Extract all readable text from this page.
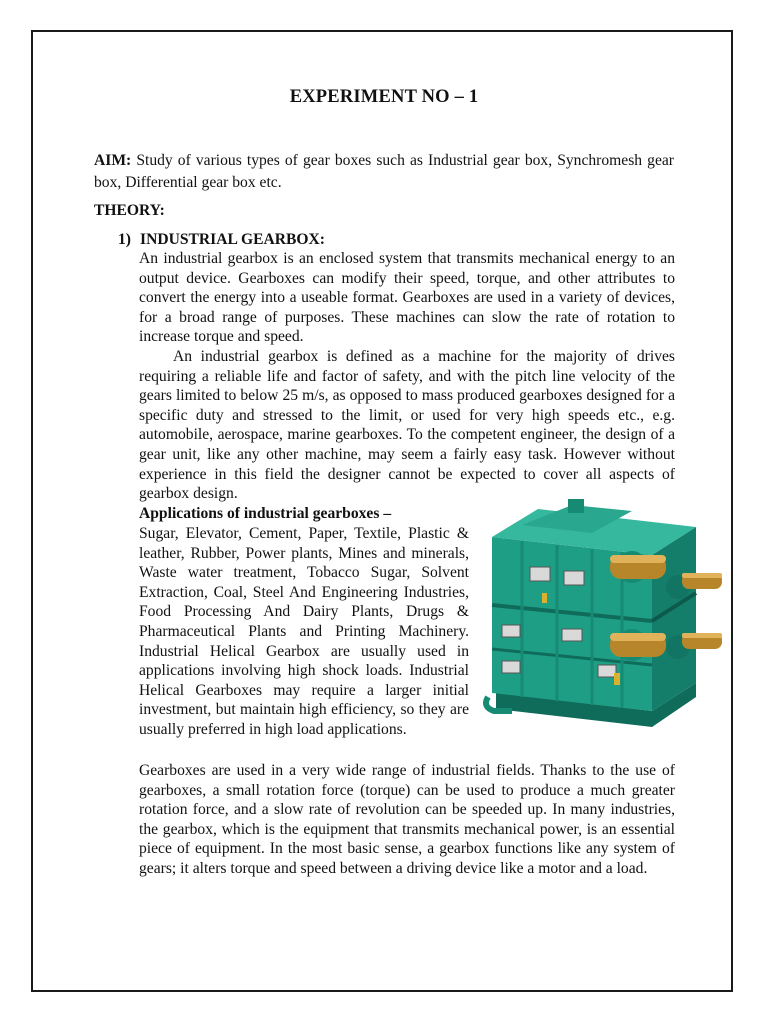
EXPERIMENT NO – 1
AIM: Study of various types of gear boxes such as Industrial gear box, Synchromesh gear box, Differential gear box etc.
THEORY:
1) INDUSTRIAL GEARBOX:
An industrial gearbox is an enclosed system that transmits mechanical energy to an output device. Gearboxes can modify their speed, torque, and other attributes to convert the energy into a useable format. Gearboxes are used in a variety of devices, for a broad range of purposes. These machines can slow the rate of rotation to increase torque and speed.
An industrial gearbox is defined as a machine for the majority of drives requiring a reliable life and factor of safety, and with the pitch line velocity of the gears limited to below 25 m/s, as opposed to mass produced gearboxes designed for a specific duty and stressed to the limit, or used for very high speeds etc., e.g. automobile, aerospace, marine gearboxes. To the competent engineer, the design of a gear unit, like any other machine, may seem a fairly easy task. However without experience in this field the designer cannot be expected to cover all aspects of gearbox design.
Applications of industrial gearboxes –
Sugar, Elevator, Cement, Paper, Textile, Plastic & leather, Rubber, Power plants, Mines and minerals, Waste water treatment, Tobacco Sugar, Solvent Extraction, Coal, Steel And Engineering Industries, Food Processing And Dairy Plants, Drugs & Pharmaceutical Plants and Printing Machinery. Industrial Helical Gearbox are usually used in applications involving high shock loads. Industrial Helical Gearboxes may require a larger initial investment, but maintain high efficiency, so they are usually preferred in high load applications.
Gearboxes are used in a very wide range of industrial fields. Thanks to the use of gearboxes, a small rotation force (torque) can be used to produce a much greater rotation force, and a slow rate of revolution can be speeded up. In many industries, the gearbox, which is the equipment that transmits mechanical power, is an essential piece of equipment. In the most basic sense, a gearbox functions like any system of gears; it alters torque and speed between a driving device like a motor and a load.
